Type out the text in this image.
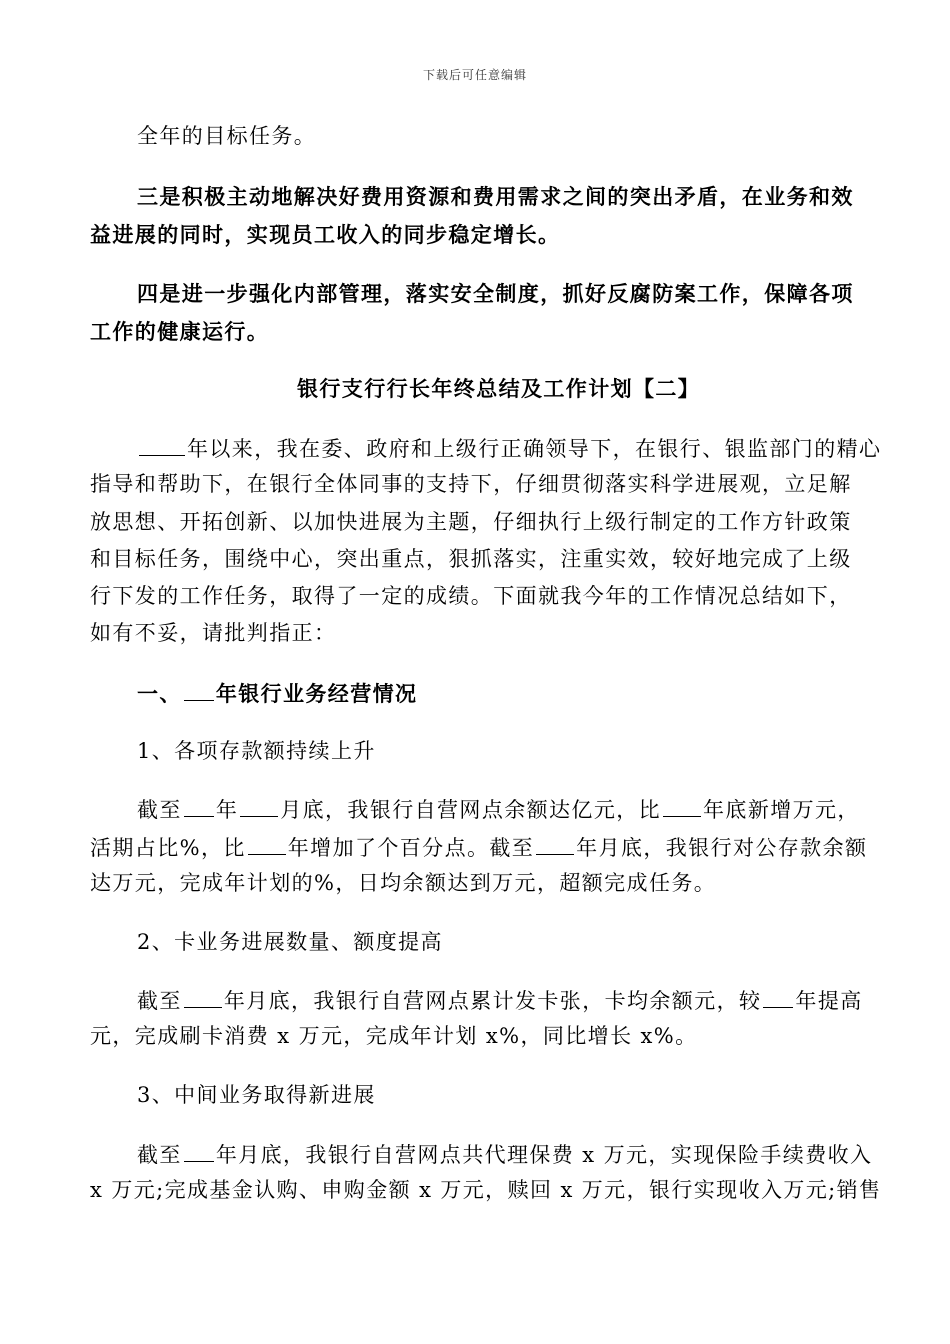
下载后可任意编辑
全年的目标任务。
三是积极主动地解决好费用资源和费用需求之间的突出矛盾，在业务和效
益进展的同时，实现员工收入的同步稳定增长。
四是进一步强化内部管理，落实安全制度，抓好反腐防案工作，保障各项
工作的健康运行。
银行支行行长年终总结及工作计划【二】
年以来，我在委、政府和上级行正确领导下，在银行、银监部门的精心
指导和帮助下，在银行全体同事的支持下，仔细贯彻落实科学进展观，立足解
放思想、开拓创新、以加快进展为主题，仔细执行上级行制定的工作方针政策
和目标任务，围绕中心，突出重点，狠抓落实，注重实效，较好地完成了上级
行下发的工作任务，取得了一定的成绩。下面就我今年的工作情况总结如下，
如有不妥，请批判指正：
一、 年银行业务经营情况
1、各项存款额持续上升
截至 年 月底，我银行自营网点余额达亿元，比 年底新增万元，
活期占比%，比 年增加了个百分点。截至 年月底，我银行对公存款余额
达万元，完成年计划的%，日均余额达到万元，超额完成任务。
2、卡业务进展数量、额度提高
截至 年月底，我银行自营网点累计发卡张，卡均余额元，较 年提高
元，完成刷卡消费 x 万元，完成年计划 x%，同比增长 x%。
3、中间业务取得新进展
截至 年月底，我银行自营网点共代理保费 x 万元，实现保险手续费收入
x 万元;完成基金认购、申购金额 x 万元，赎回 x 万元，银行实现收入万元;销售
